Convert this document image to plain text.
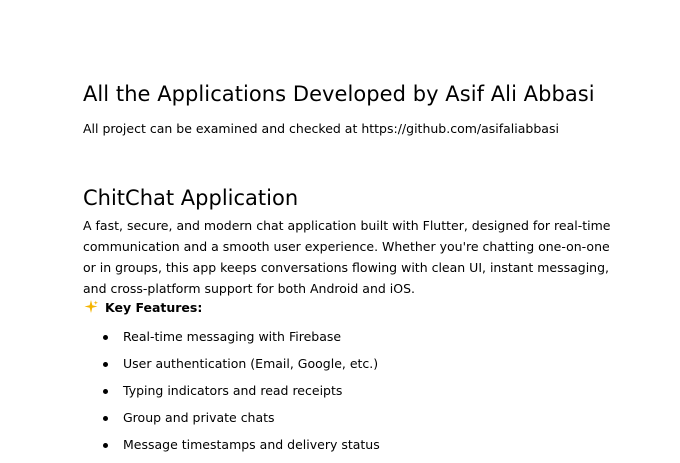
All the Applications Developed by Asif Ali Abbasi

All project can be examined and checked at https://github.com/asifaliabbasi

ChitChat Application

A fast, secure, and modern chat application built with Flutter, designed for real-time communication and a smooth user experience. Whether you're chatting one-on-one or in groups, this app keeps conversations flowing with clean UI, instant messaging, and cross-platform support for both Android and iOS.

Key Features:
Real-time messaging with Firebase
User authentication (Email, Google, etc.)
Typing indicators and read receipts
Group and private chats
Message timestamps and delivery status
